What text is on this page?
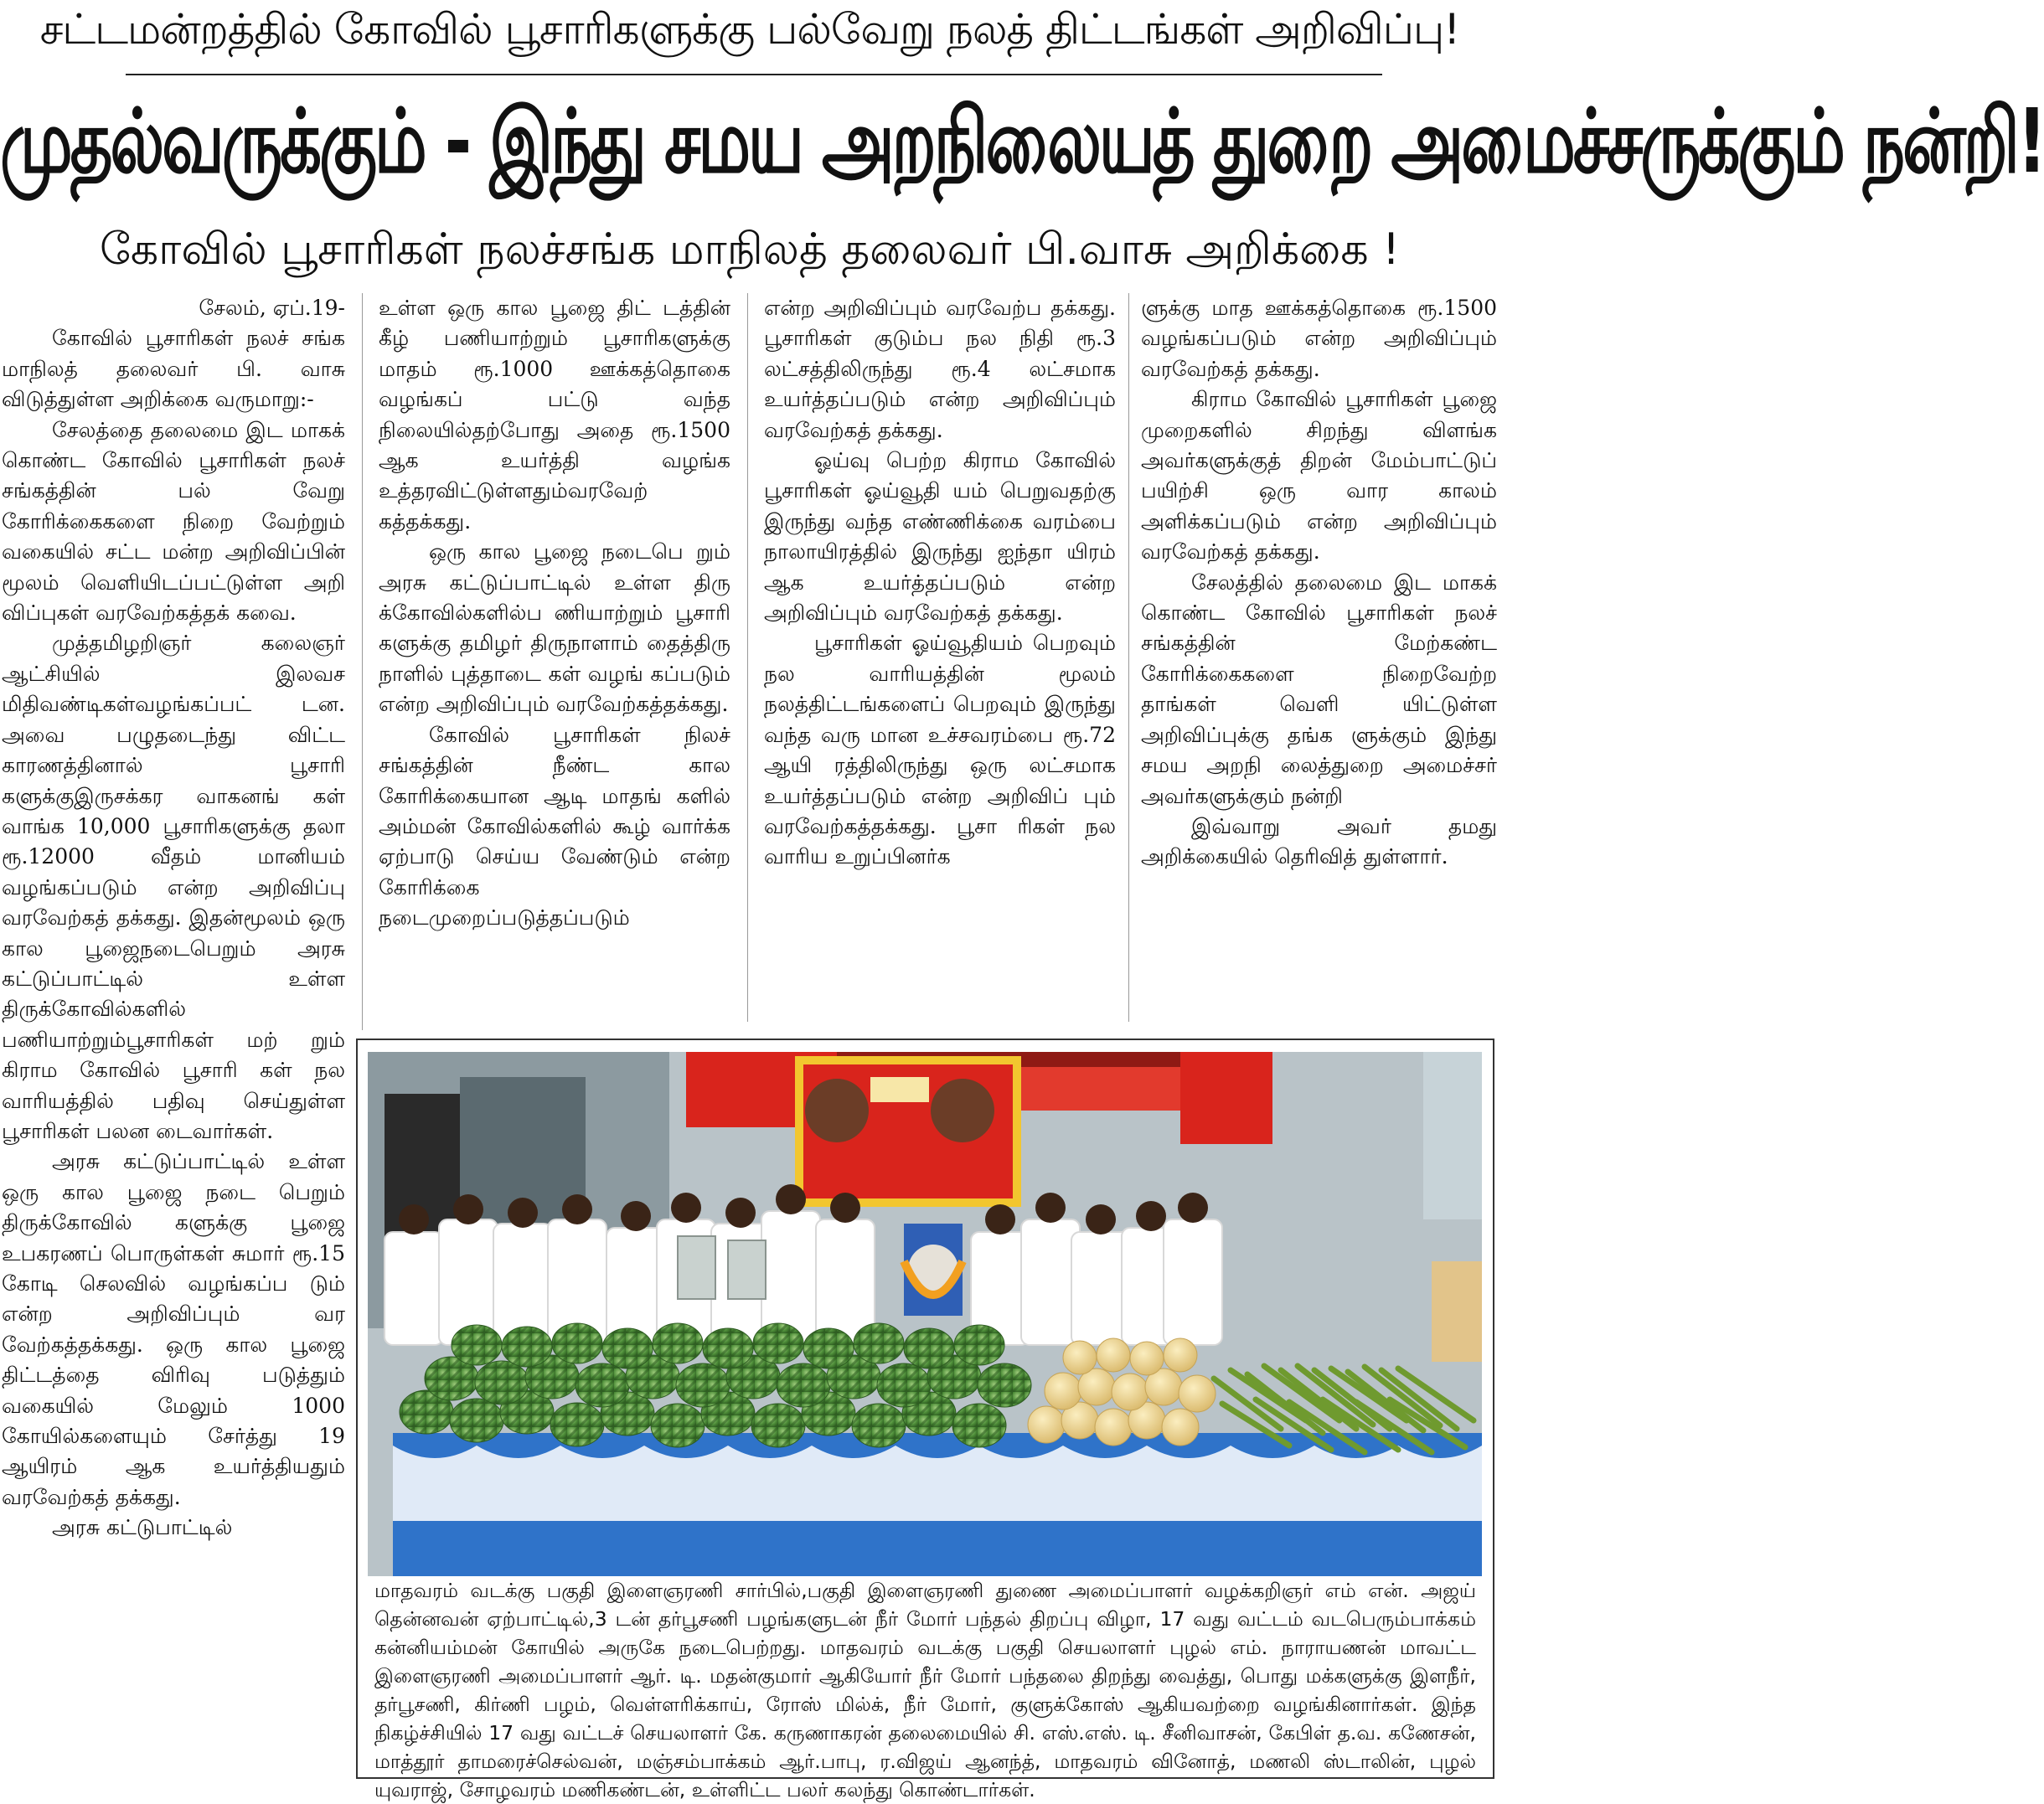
சட்டமன்றத்தில் கோவில் பூசாரிகளுக்கு பல்வேறு நலத் திட்டங்கள் அறிவிப்பு!
முதல்வருக்கும் - இந்து சமய அறநிலையத் துறை அமைச்சருக்கும் நன்றி!
கோவில் பூசாரிகள் நலச்சங்க மாநிலத் தலைவர் பி.வாசு அறிக்கை !

சேலம், ஏப்.19-

கோவில் பூசாரிகள் நலச் சங்க மாநிலத் தலைவர் பி. வாசு விடுத்துள்ள அறிக்கை வருமாறு:-

சேலத்தை தலைமை இட மாகக் கொண்ட கோவில் பூசாரிகள் நலச் சங்கத்தின் பல் வேறு கோரிக்கைகளை நிறை வேற்றும் வகையில் சட்ட மன்ற அறிவிப்பின் மூலம் வெளியிடப்பட்டுள்ள அறி விப்புகள் வரவேற்கத்தக் கவை.

முத்தமிழறிஞர் கலைஞர் ஆட்சியில் இலவச மிதிவண்டிகள்வழங்கப்பட் டன. அவை பழுதடைந்து விட்ட காரணத்தினால் பூசாரி களுக்குஇருசக்கர வாகனங் கள் வாங்க 10,000 பூசாரிகளுக்கு தலா ரூ.12000 வீதம் மானியம் வழங்கப்படும் என்ற அறிவிப்பு வரவேற்கத் தக்கது. இதன்மூலம் ஒரு கால பூஜைநடைபெறும் அரசு கட்டுப்பாட்டில் உள்ள திருக்கோவில்களில் பணியாற்றும்பூசாரிகள் மற் றும் கிராம கோவில் பூசாரி கள் நல வாரியத்தில் பதிவு செய்துள்ள பூசாரிகள் பலன டைவார்கள்.

அரசு கட்டுப்பாட்டில் உள்ள ஒரு கால பூஜை நடை பெறும் திருக்கோவில் களுக்கு பூஜை உபகரணப் பொருள்கள் சுமார் ரூ.15 கோடி செலவில் வழங்கப்ப டும் என்ற அறிவிப்பும் வர வேற்கத்தக்கது. ஒரு கால பூஜை திட்டத்தை விரிவு படுத்தும் வகையில் மேலும் 1000 கோயில்களையும் சேர்த்து 19 ஆயிரம் ஆக உயர்த்தியதும் வரவேற்கத் தக்கது.

அரசு கட்டுபாட்டில்

உள்ள ஒரு கால பூஜை திட் டத்தின் கீழ் பணியாற்றும் பூசாரிகளுக்கு மாதம் ரூ.1000 ஊக்கத்தொகை வழங்கப் பட்டு வந்த நிலையில்தற்போது அதை ரூ.1500 ஆக உயர்த்தி வழங்க உத்தரவிட்டுள்ளதும்வரவேற் கத்தக்கது.

ஒரு கால பூஜை நடைபெ றும் அரசு கட்டுப்பாட்டில் உள்ள திரு க்கோவில்களில்ப ணியாற்றும் பூசாரி களுக்கு தமிழர் திருநாளாம் தைத்திரு நாளில் புத்தாடை கள் வழங் கப்படும் என்ற அறிவிப்பும் வரவேற்கத்தக்கது.

கோவில் பூசாரிகள் நிலச் சங்கத்தின் நீண்ட கால கோரிக்கையான ஆடி மாதங் களில் அம்மன் கோவில்களில் கூழ் வார்க்க ஏற்பாடு செய்ய வேண்டும் என்ற கோரிக்கை நடைமுறைப்படுத்தப்படும்

என்ற அறிவிப்பும் வரவேற்ப தக்கது. பூசாரிகள் குடும்ப நல நிதி ரூ.3 லட்சத்திலிருந்து ரூ.4 லட்சமாக உயர்த்தப்படும் என்ற அறிவிப்பும் வரவேற்கத் தக்கது.

ஓய்வு பெற்ற கிராம கோவில் பூசாரிகள் ஓய்வூதி யம் பெறுவதற்கு இருந்து வந்த எண்ணிக்கை வரம்பை நாலாயிரத்தில் இருந்து ஐந்தா யிரம் ஆக உயர்த்தப்படும் என்ற அறிவிப்பும் வரவேற்கத் தக்கது.

பூசாரிகள் ஓய்வூதியம் பெறவும் நல வாரியத்தின் மூலம் நலத்திட்டங்களைப் பெறவும் இருந்து வந்த வரு மான உச்சவரம்பை ரூ.72 ஆயி ரத்திலிருந்து ஒரு லட்சமாக உயர்த்தப்படும் என்ற அறிவிப் பும் வரவேற்கத்தக்கது. பூசா ரிகள் நல வாரிய உறுப்பினர்க

ளுக்கு மாத ஊக்கத்தொகை ரூ.1500 வழங்கப்படும் என்ற அறிவிப்பும் வரவேற்கத் தக்கது.

கிராம கோவில் பூசாரிகள் பூஜை முறைகளில் சிறந்து விளங்க அவர்களுக்குத் திறன் மேம்பாட்டுப் பயிற்சி ஒரு வார காலம் அளிக்கப்படும் என்ற அறிவிப்பும் வரவேற்கத் தக்கது.

சேலத்தில் தலைமை இட மாகக் கொண்ட கோவில் பூசாரிகள் நலச் சங்கத்தின் மேற்கண்ட கோரிக்கைகளை நிறைவேற்ற தாங்கள் வெளி யிட்டுள்ள அறிவிப்புக்கு தங்க ளுக்கும் இந்து சமய அறநி லைத்துறை அமைச்சர் அவர்களுக்கும் நன்றி

இவ்வாறு அவர் தமது அறிக்கையில் தெரிவித் துள்ளார்.

மாதவரம் வடக்கு பகுதி இளைஞரணி சார்பில்,பகுதி இளைஞரணி துணை அமைப்பாளர் வழக்கறிஞர் எம் என். அஜய் தென்னவன் ஏற்பாட்டில்,3 டன் தர்பூசணி பழங்களுடன் நீர் மோர் பந்தல் திறப்பு விழா, 17 வது வட்டம் வடபெரும்பாக்கம் கன்னியம்மன் கோயில் அருகே நடைபெற்றது. மாதவரம் வடக்கு பகுதி செயலாளர் புழல் எம். நாராயணன் மாவட்ட இளைஞரணி அமைப்பாளர் ஆர். டி. மதன்குமார் ஆகியோர் நீர் மோர் பந்தலை திறந்து வைத்து, பொது மக்களுக்கு இளநீர், தர்பூசணி, கிர்ணி பழம், வெள்ளரிக்காய், ரோஸ் மில்க், நீர் மோர், குளுக்கோஸ் ஆகியவற்றை வழங்கினார்கள். இந்த நிகழ்ச்சியில் 17 வது வட்டச் செயலாளர் கே. கருணாகரன் தலைமையில் சி. எஸ்.எஸ். டி. சீனிவாசன், கேபிள் த.வ. கணேசன், மாத்தூர் தாமரைச்செல்வன், மஞ்சம்பாக்கம் ஆர்.பாபு, ர.விஜய் ஆனந்த், மாதவரம் வினோத், மணலி ஸ்டாலின், புழல் யுவராஜ், சோழவரம் மணிகண்டன், உள்ளிட்ட பலர் கலந்து கொண்டார்கள்.
